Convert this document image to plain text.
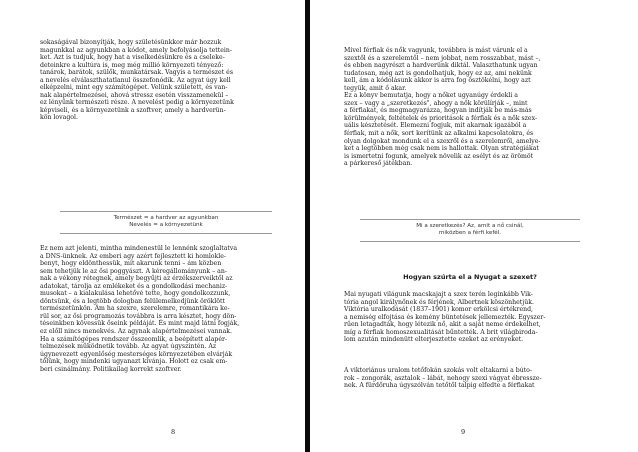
sokaságával bizonyítják, hogy születésünkkor már hozzuk
magunkkal az agyunkban a kódot, amely befolyásolja tettein-
ket. Azt is tudjuk, hogy hat a viselkedésünkre és a cseleke-
deteinkre a kultúra is, meg még millió környezeti tényező:
tanárok, barátok, szülők, munkatársak. Vagyis a természet és
a nevelés elválaszthatatlanul összefonódik. Az agyat úgy kell
elképzelni, mint egy számítógépet. Velünk született, és van-
nak alapértelmezései, ahová stressz esetén visszamenekül –
ez lényünk természeti része. A nevelést pedig a környezetünk
képviseli, és a környezetünk a szoftver, amely a hardverün-
kön lovagol.

Természet = a hardver az agyunkban
Nevelés = a környezetünk

Ez nem azt jelenti, mintha mindenestül le lennénk szoglaltatva
a DNS-ünknek. Az emberi agy azért fejlesztett ki homlokle-
benyt, hogy eldönthessük, mit akarunk tenni – ám közben
sem tehetjük le az ősi poggyászt. A kéregállományunk – an-
nak a vékony rétegnek, amely begyűjti az érzékszerveiktől az
adatokat, tárolja az emlékeket és a gondolkodási mechaniz-
musokat – a kialakulása lehetővé tette, hogy gondolkozzunk,
döntsünk, és a legtöbb dologban felülemelkedjünk öröklött
természetünkön. Ám ha szexre, szerelemre, romantikára ke-
rül sor, az ősi programozás továbbra is arra késztet, hogy dön-
téseinkben kövessük őseink példáját. És mint majd látni fogják,
ez előll nincs menekvés. Az agynak alapértelmezései vannak.
Ha a számítógépes rendszer összeomlik, a beépített alapér-
telmezések működnetik tovább. Az agyat úgyszintén. Az
úgynevezett egyenlőség mesterséges környezetében elvárják
tőlünk, hogy mindenki ugyanazt kívánja. Holott ez csak em-
beri csinálmány. Politikailag korrekt szoftver.

8

Mivel férfiak és nők vagyunk, továbbra is mást várunk el a
szextől és a szerelemtől – nem jobbat, nem rosszabbat, mást –,
és ebben nagyrészt a hardverünk diktál. Valaszthatunk ugyan
tudatosan, még azt is gondolhatjuk, hogy ez az, ami nekünk
kell, ám a kódolásunk akkor is arra fog ösztökélni, hogy azt
tegyük, amit ő akar.
Ez a könyv bemutatja, hogy a nőket ugyanúgy érdekli a
szex – vagy a „szeretkezés", ahogy a nők körülírják –, mint
a férfiakat, és megmagyarázza, hogyan indítják be más-más
körülmények, feltételek és prioritások a férfiak és a nők szex-
uális késztetését. Elemezni fogjuk, mit akarnak igazából a
férfiak, mit a nők, sort kerítünk az alkalmi kapcsolatokra, és
olyan dolgokat mondunk el a szexről és a szerelemről, amelye-
ket a legtöbben még csak nem is hallottak. Olyan stratégiákat
is ismertetni fogunk, amelyek növelik az esélyt és az örömöt
a párkereső játékban.

Mi a szeretkezés? Az, amit a nő csinál,
miközben a férfi kefél.
Hogyan szúrta el a Nyugat a szexet?

Mai nyugati világunk macskajajt a szex terén leginkább Vik-
tória angol királynőnek és férjének, Albertnek köszönhetjük.
Viktória uralkodását (1837–1901) komor erkölcsi értékrend,
a nemiség elfojtása és kemény büntetések jellemezték. Egyszer-
rűen letagadták, hogy létezik nő, akit a saját neme érdekelhet,
míg a férfiak homoszexualitását bűntették. A brit világbiroda-
lom azután mindenütt elterjesztette ezeket az erényeket.

A viktoriánus uralom tetőfokán szokás volt eltakarni a bútо-
rok – zongorák, asztalok – lábát, nehogy szexi vágyat ébressze-
nek. A fürdőruha úgyszólván tetőtől talpig elfedte a férfiakat

9
